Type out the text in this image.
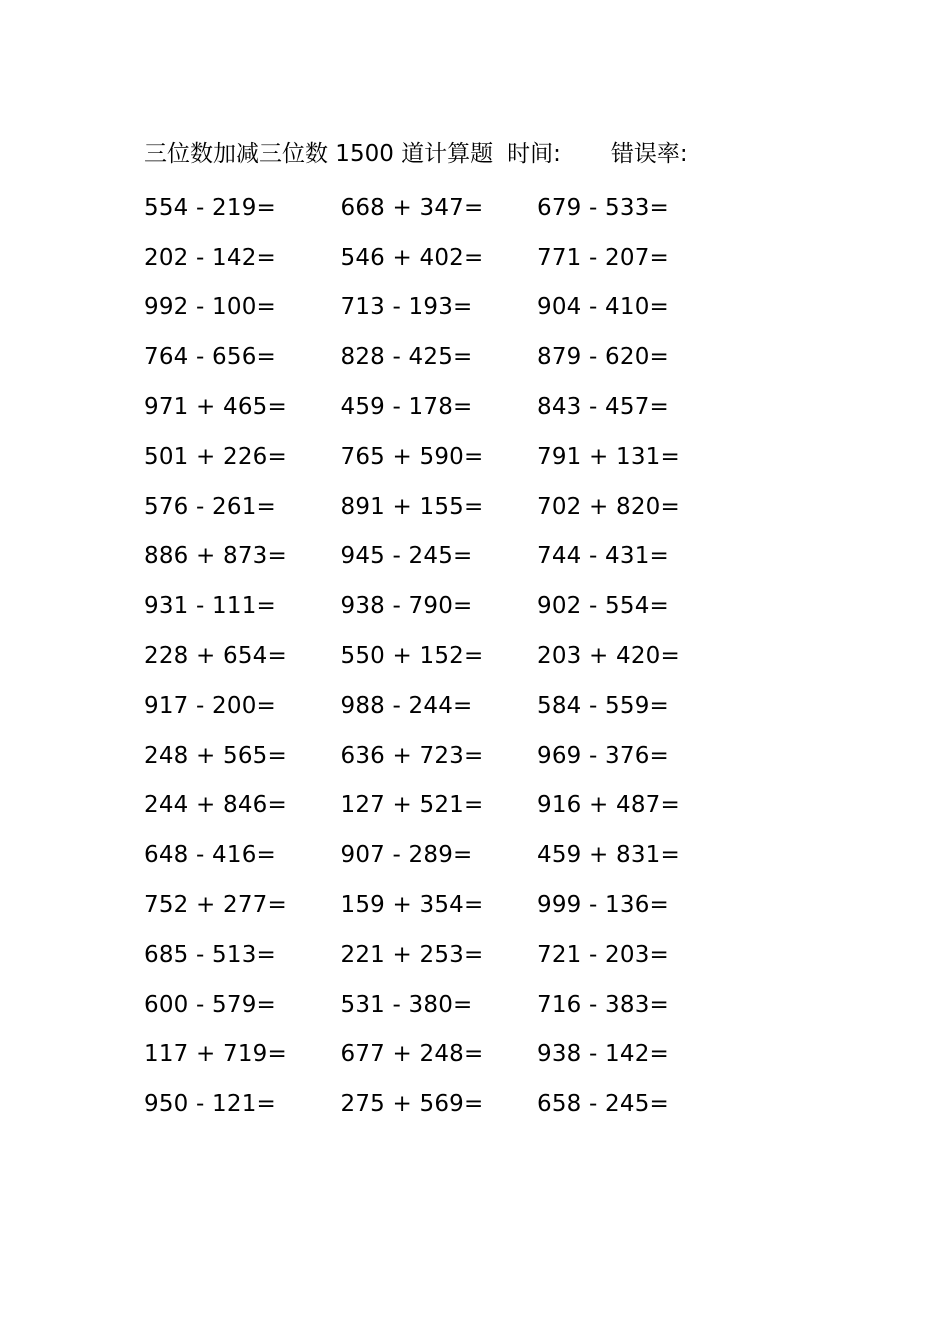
三位数加减三位数 1500 道计算题 时间: 错误率:
554 - 219=	668 + 347=	679 - 533=
202 - 142=	546 + 402=	771 - 207=
992 - 100=	713 - 193=	904 - 410=
764 - 656=	828 - 425=	879 - 620=
971 + 465=	459 - 178=	843 - 457=
501 + 226=	765 + 590=	791 + 131=
576 - 261=	891 + 155=	702 + 820=
886 + 873=	945 - 245=	744 - 431=
931 - 111=	938 - 790=	902 - 554=
228 + 654=	550 + 152=	203 + 420=
917 - 200=	988 - 244=	584 - 559=
248 + 565=	636 + 723=	969 - 376=
244 + 846=	127 + 521=	916 + 487=
648 - 416=	907 - 289=	459 + 831=
752 + 277=	159 + 354=	999 - 136=
685 - 513=	221 + 253=	721 - 203=
600 - 579=	531 - 380=	716 - 383=
117 + 719=	677 + 248=	938 - 142=
950 - 121=	275 + 569=	658 - 245=
